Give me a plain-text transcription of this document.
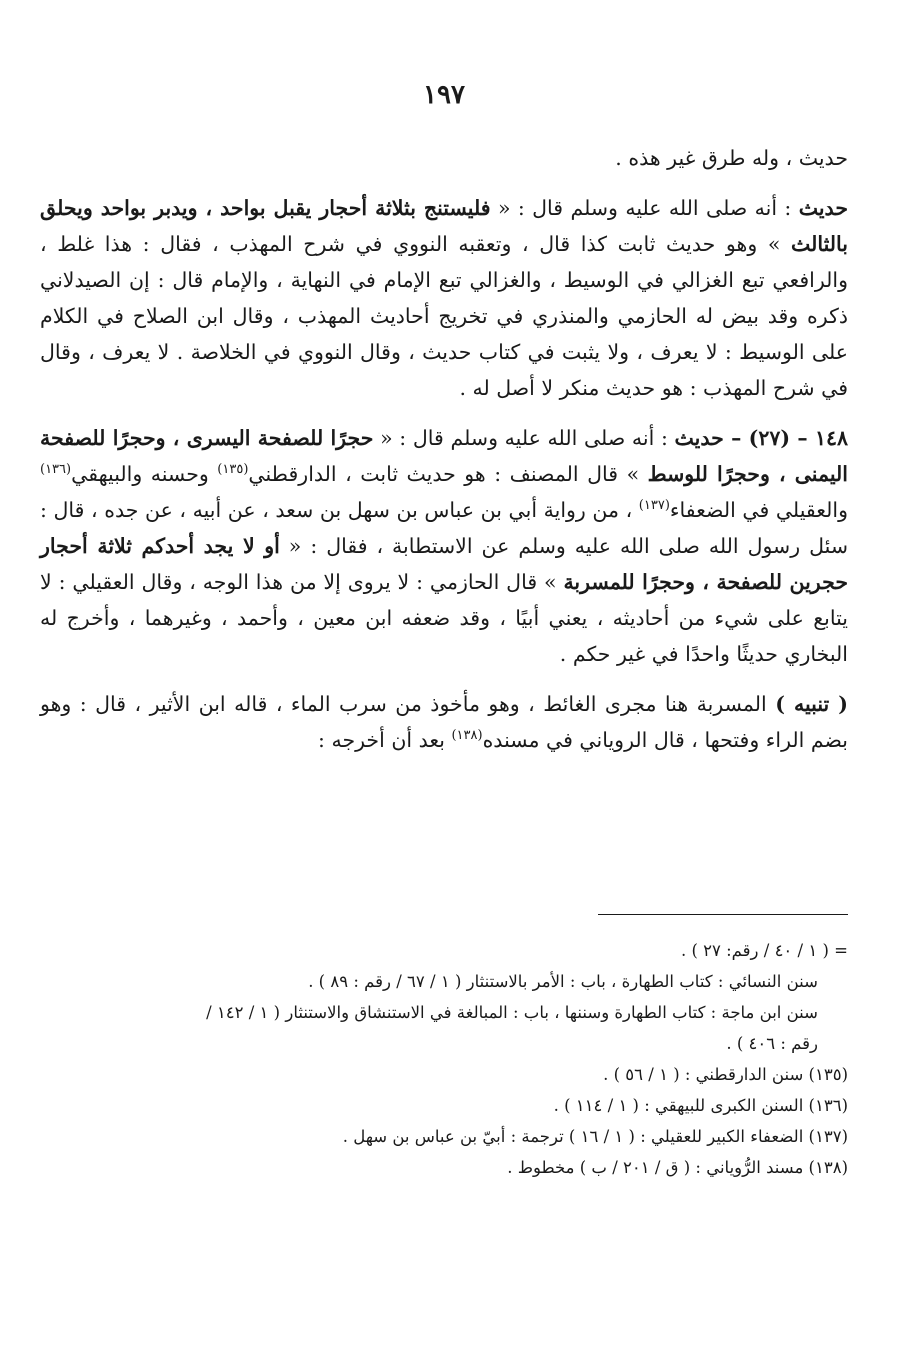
١٩٧

حديث ، وله طرق غير هذه .

حديث : أنه صلى الله عليه وسلم قال : « فليستنج بثلاثة أحجار يقبل بواحد ، ويدبر بواحد ويحلق بالثالث » وهو حديث ثابت كذا قال ، وتعقبه النووي في شرح المهذب ، فقال : هذا غلط ، والرافعي تبع الغزالي في الوسيط ، والغزالي تبع الإمام في النهاية ، والإمام قال : إن الصيدلاني ذكره وقد بيض له الحازمي والمنذري في تخريج أحاديث المهذب ، وقال ابن الصلاح في الكلام على الوسيط : لا يعرف ، ولا يثبت في كتاب حديث ، وقال النووي في الخلاصة . لا يعرف ، وقال في شرح المهذب : هو حديث منكر لا أصل له .

١٤٨ – (٢٧) – حديث : أنه صلى الله عليه وسلم قال : « حجرًا للصفحة اليسرى ، وحجرًا للصفحة اليمنى ، وحجرًا للوسط » قال المصنف : هو حديث ثابت ، الدارقطني$^{(١٣٥)}$ وحسنه والبيهقي$^{(١٣٦)}$ والعقيلي في الضعفاء$^{(١٣٧)}$ ، من رواية أبي بن عباس بن سهل بن سعد ، عن أبيه ، عن جده ، قال : سئل رسول الله صلى الله عليه وسلم عن الاستطابة ، فقال : « أو لا يجد أحدكم ثلاثة أحجار حجرين للصفحة ، وحجرًا للمسربة » قال الحازمي : لا يروى إلا من هذا الوجه ، وقال العقيلي : لا يتابع على شيء من أحاديثه ، يعني أبيًا ، وقد ضعفه ابن معين ، وأحمد ، وغيرهما ، وأخرج له البخاري حديثًا واحدًا في غير حكم .

( تنبيه ) المسربة هنا مجرى الغائط ، وهو مأخوذ من سرب الماء ، قاله ابن الأثير ، قال : وهو بضم الراء وفتحها ، قال الروياني في مسنده$^{(١٣٨)}$ بعد أن أخرجه :

= ( ١ / ٤٠ / رقم: ٢٧ ) .

سنن النسائي : كتاب الطهارة ، باب : الأمر بالاستنثار ( ١ / ٦٧ / رقم : ٨٩ ) .

سنن ابن ماجة : كتاب الطهارة وسننها ، باب : المبالغة في الاستنشاق والاستنثار ( ١ / ١٤٢ /

رقم : ٤٠٦ ) .

(١٣٥) سنن الدارقطني : ( ١ / ٥٦ ) .

(١٣٦) السنن الكبرى للبيهقي : ( ١ / ١١٤ ) .

(١٣٧) الضعفاء الكبير للعقيلي : ( ١ / ١٦ ) ترجمة : أبيّ بن عباس بن سهل .

(١٣٨) مسند الرُّوياني : ( ق / ٢٠١ / ب ) مخطوط .
